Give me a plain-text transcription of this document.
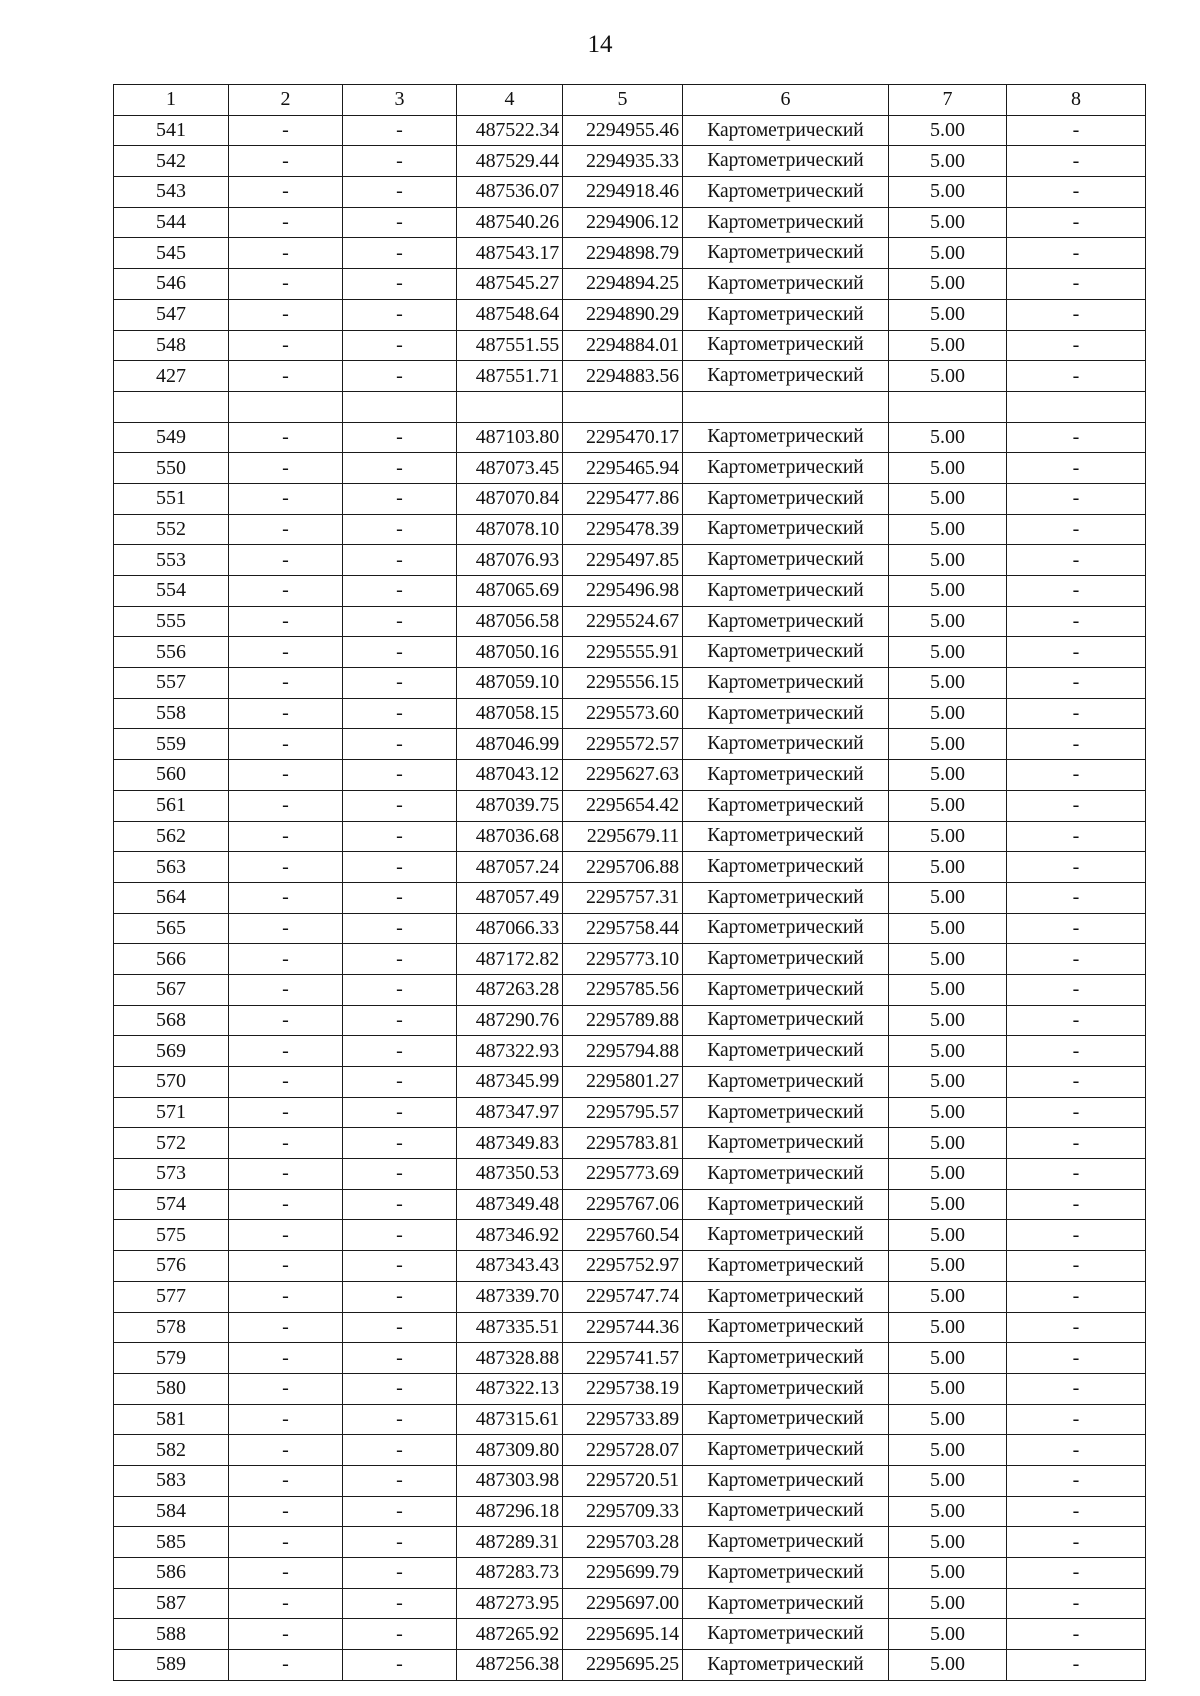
14
1	2	3	4	5	6	7	8
541	-	-	487522.34	2294955.46	Картометрический	5.00	-
542	-	-	487529.44	2294935.33	Картометрический	5.00	-
543	-	-	487536.07	2294918.46	Картометрический	5.00	-
544	-	-	487540.26	2294906.12	Картометрический	5.00	-
545	-	-	487543.17	2294898.79	Картометрический	5.00	-
546	-	-	487545.27	2294894.25	Картометрический	5.00	-
547	-	-	487548.64	2294890.29	Картометрический	5.00	-
548	-	-	487551.55	2294884.01	Картометрический	5.00	-
427	-	-	487551.71	2294883.56	Картометрический	5.00	-

549	-	-	487103.80	2295470.17	Картометрический	5.00	-
550	-	-	487073.45	2295465.94	Картометрический	5.00	-
551	-	-	487070.84	2295477.86	Картометрический	5.00	-
552	-	-	487078.10	2295478.39	Картометрический	5.00	-
553	-	-	487076.93	2295497.85	Картометрический	5.00	-
554	-	-	487065.69	2295496.98	Картометрический	5.00	-
555	-	-	487056.58	2295524.67	Картометрический	5.00	-
556	-	-	487050.16	2295555.91	Картометрический	5.00	-
557	-	-	487059.10	2295556.15	Картометрический	5.00	-
558	-	-	487058.15	2295573.60	Картометрический	5.00	-
559	-	-	487046.99	2295572.57	Картометрический	5.00	-
560	-	-	487043.12	2295627.63	Картометрический	5.00	-
561	-	-	487039.75	2295654.42	Картометрический	5.00	-
562	-	-	487036.68	2295679.11	Картометрический	5.00	-
563	-	-	487057.24	2295706.88	Картометрический	5.00	-
564	-	-	487057.49	2295757.31	Картометрический	5.00	-
565	-	-	487066.33	2295758.44	Картометрический	5.00	-
566	-	-	487172.82	2295773.10	Картометрический	5.00	-
567	-	-	487263.28	2295785.56	Картометрический	5.00	-
568	-	-	487290.76	2295789.88	Картометрический	5.00	-
569	-	-	487322.93	2295794.88	Картометрический	5.00	-
570	-	-	487345.99	2295801.27	Картометрический	5.00	-
571	-	-	487347.97	2295795.57	Картометрический	5.00	-
572	-	-	487349.83	2295783.81	Картометрический	5.00	-
573	-	-	487350.53	2295773.69	Картометрический	5.00	-
574	-	-	487349.48	2295767.06	Картометрический	5.00	-
575	-	-	487346.92	2295760.54	Картометрический	5.00	-
576	-	-	487343.43	2295752.97	Картометрический	5.00	-
577	-	-	487339.70	2295747.74	Картометрический	5.00	-
578	-	-	487335.51	2295744.36	Картометрический	5.00	-
579	-	-	487328.88	2295741.57	Картометрический	5.00	-
580	-	-	487322.13	2295738.19	Картометрический	5.00	-
581	-	-	487315.61	2295733.89	Картометрический	5.00	-
582	-	-	487309.80	2295728.07	Картометрический	5.00	-
583	-	-	487303.98	2295720.51	Картометрический	5.00	-
584	-	-	487296.18	2295709.33	Картометрический	5.00	-
585	-	-	487289.31	2295703.28	Картометрический	5.00	-
586	-	-	487283.73	2295699.79	Картометрический	5.00	-
587	-	-	487273.95	2295697.00	Картометрический	5.00	-
588	-	-	487265.92	2295695.14	Картометрический	5.00	-
589	-	-	487256.38	2295695.25	Картометрический	5.00	-
